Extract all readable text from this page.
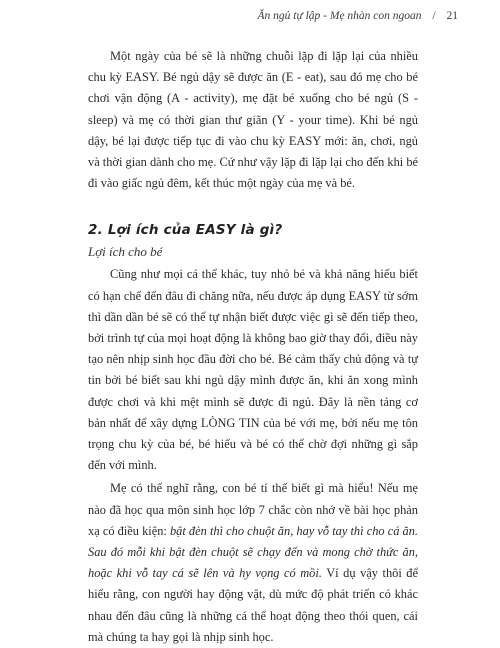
Ăn ngủ tự lập - Mẹ nhàn con ngoan / 21

Một ngày của bé sẽ là những chuỗi lặp đi lặp lại của nhiều chu kỳ EASY. Bé ngủ dậy sẽ được ăn (E - eat), sau đó mẹ cho bé chơi vận động (A - activity), mẹ đặt bé xuống cho bé ngủ (S - sleep) và mẹ có thời gian thư giãn (Y - your time). Khi bé ngủ dậy, bé lại được tiếp tục đi vào chu kỳ EASY mới: ăn, chơi, ngủ và thời gian dành cho mẹ. Cứ như vậy lặp đi lặp lại cho đến khi bé đi vào giấc ngủ đêm, kết thúc một ngày của mẹ và bé.

2. Lợi ích của EASY là gì?
Lợi ích cho bé

Cũng như mọi cá thể khác, tuy nhỏ bé và khả năng hiểu biết có hạn chế đến đâu đi chăng nữa, nếu được áp dụng EASY từ sớm thì dần dần bé sẽ có thể tự nhận biết được việc gì sẽ đến tiếp theo, bởi trình tự của mọi hoạt động là không bao giờ thay đổi, điều này tạo nên nhịp sinh học đầu đời cho bé. Bé cảm thấy chủ động và tự tin bởi bé biết sau khi ngủ dậy mình được ăn, khi ăn xong mình được chơi và khi mệt mình sẽ được đi ngủ. Đây là nền tảng cơ bản nhất để xây dựng LÒNG TIN của bé với mẹ, bởi nếu mẹ tôn trọng chu kỳ của bé, bé hiểu và bé có thể chờ đợi những gì sắp đến với mình.

Mẹ có thể nghĩ rằng, con bé tí thế biết gì mà hiểu! Nếu mẹ nào đã học qua môn sinh học lớp 7 chắc còn nhớ về bài học phản xạ có điều kiện: bật đèn thì cho chuột ăn, hay vỗ tay thì cho cá ăn. Sau đó mỗi khi bật đèn chuột sẽ chạy đến và mong chờ thức ăn, hoặc khi vỗ tay cá sẽ lên và hy vọng có mồi. Ví dụ vậy thôi để hiểu rằng, con người hay động vật, dù mức độ phát triển có khác nhau đến đâu cũng là những cá thể hoạt động theo thói quen, cái mà chúng ta hay gọi là nhịp sinh học.
